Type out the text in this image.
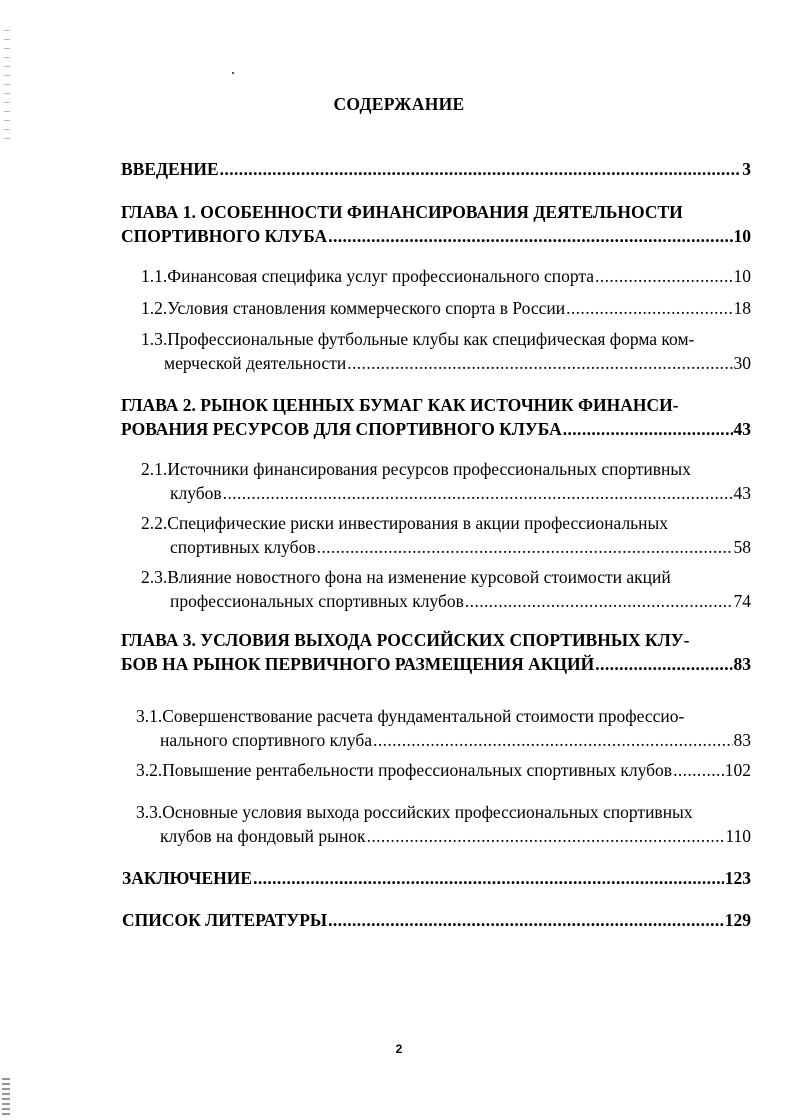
СОДЕРЖАНИЕ
ВВЕДЕНИЕ .....	3
ГЛАВА 1. ОСОБЕННОСТИ ФИНАНСИРОВАНИЯ ДЕЯТЕЛЬНОСТИ
СПОРТИВНОГО КЛУБА .....	10
1.1.Финансовая специфика услуг профессионального спорта .....	10
1.2.Условия становления коммерческого спорта в России .....	18
1.3.Профессиональные футбольные клубы как специфическая форма ком-
мерческой деятельности .....	30
ГЛАВА 2. РЫНОК ЦЕННЫХ БУМАГ КАК ИСТОЧНИК ФИНАНСИ-
РОВАНИЯ РЕСУРСОВ ДЛЯ СПОРТИВНОГО КЛУБА .....	43
2.1.Источники финансирования ресурсов профессиональных спортивных
клубов .....	43
2.2.Специфические риски инвестирования в акции профессиональных
спортивных клубов .....	58
2.3.Влияние новостного фона на изменение курсовой стоимости акций
профессиональных спортивных клубов .....	74
ГЛАВА 3. УСЛОВИЯ ВЫХОДА РОССИЙСКИХ СПОРТИВНЫХ КЛУ-
БОВ НА РЫНОК ПЕРВИЧНОГО РАЗМЕЩЕНИЯ АКЦИЙ .....	83
3.1.Совершенствование расчета фундаментальной стоимости профессио-
нального спортивного клуба .....	83
3.2.Повышение рентабельности профессиональных спортивных клубов .....	102
3.3.Основные условия выхода российских профессиональных спортивных
клубов на фондовый рынок .....	110
ЗАКЛЮЧЕНИЕ .....	123
СПИСОК ЛИТЕРАТУРЫ .....	129
2
